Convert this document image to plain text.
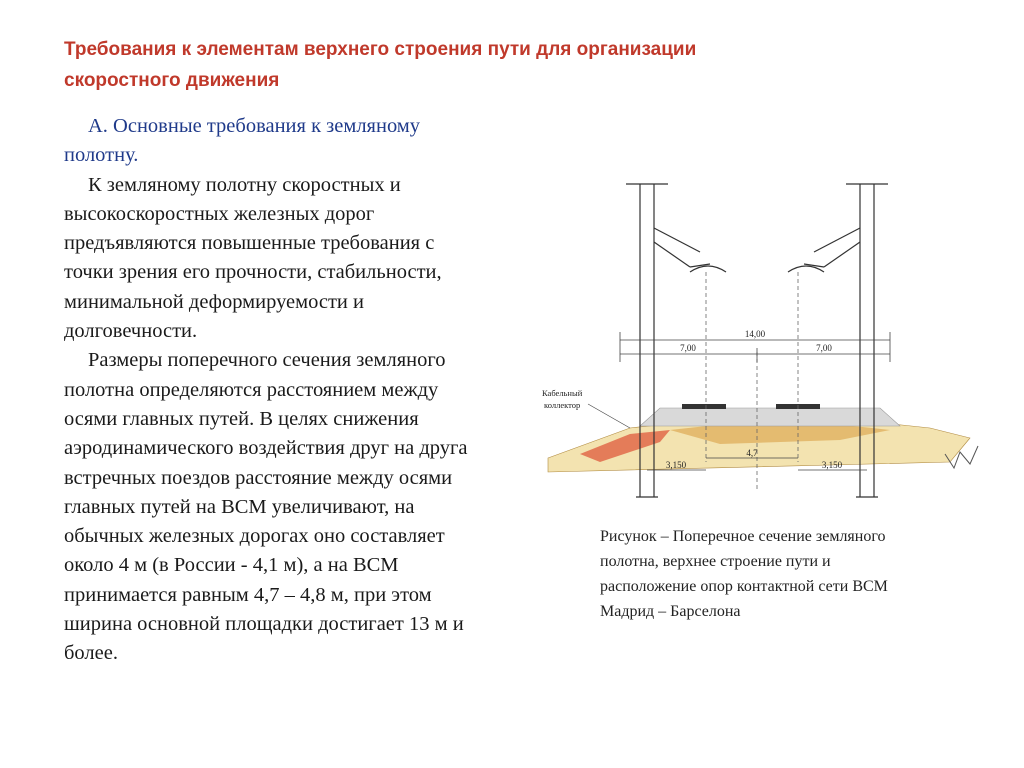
Требования к элементам верхнего строения пути для организации
скоростного движения

А. Основные требования к земляному
полотну.

К земляному полотну скоростных и
высокоскоростных железных дорог
предъявляются повышенные требования с
точки зрения его прочности, стабильности,
минимальной деформируемости и
долговечности.

Размеры поперечного сечения земляного
полотна определяются расстоянием между
осями главных путей. В целях снижения
аэродинамического воздействия друг на друга
встречных поездов расстояние между осями
главных путей на ВСМ увеличивают, на
обычных железных дорогах оно составляет
около 4 м (в России - 4,1 м), а на ВСМ
принимается равным 4,7 – 4,8 м, при этом
ширина основной площадки достигает 13 м и
более.

14,00
7,00	7,00
3,150
4,7
3,150
Кабельный
коллектор

Рисунок – Поперечное сечение земляного

полотна, верхнее строение пути и

расположение опор контактной сети ВСМ

Мадрид – Барселона
